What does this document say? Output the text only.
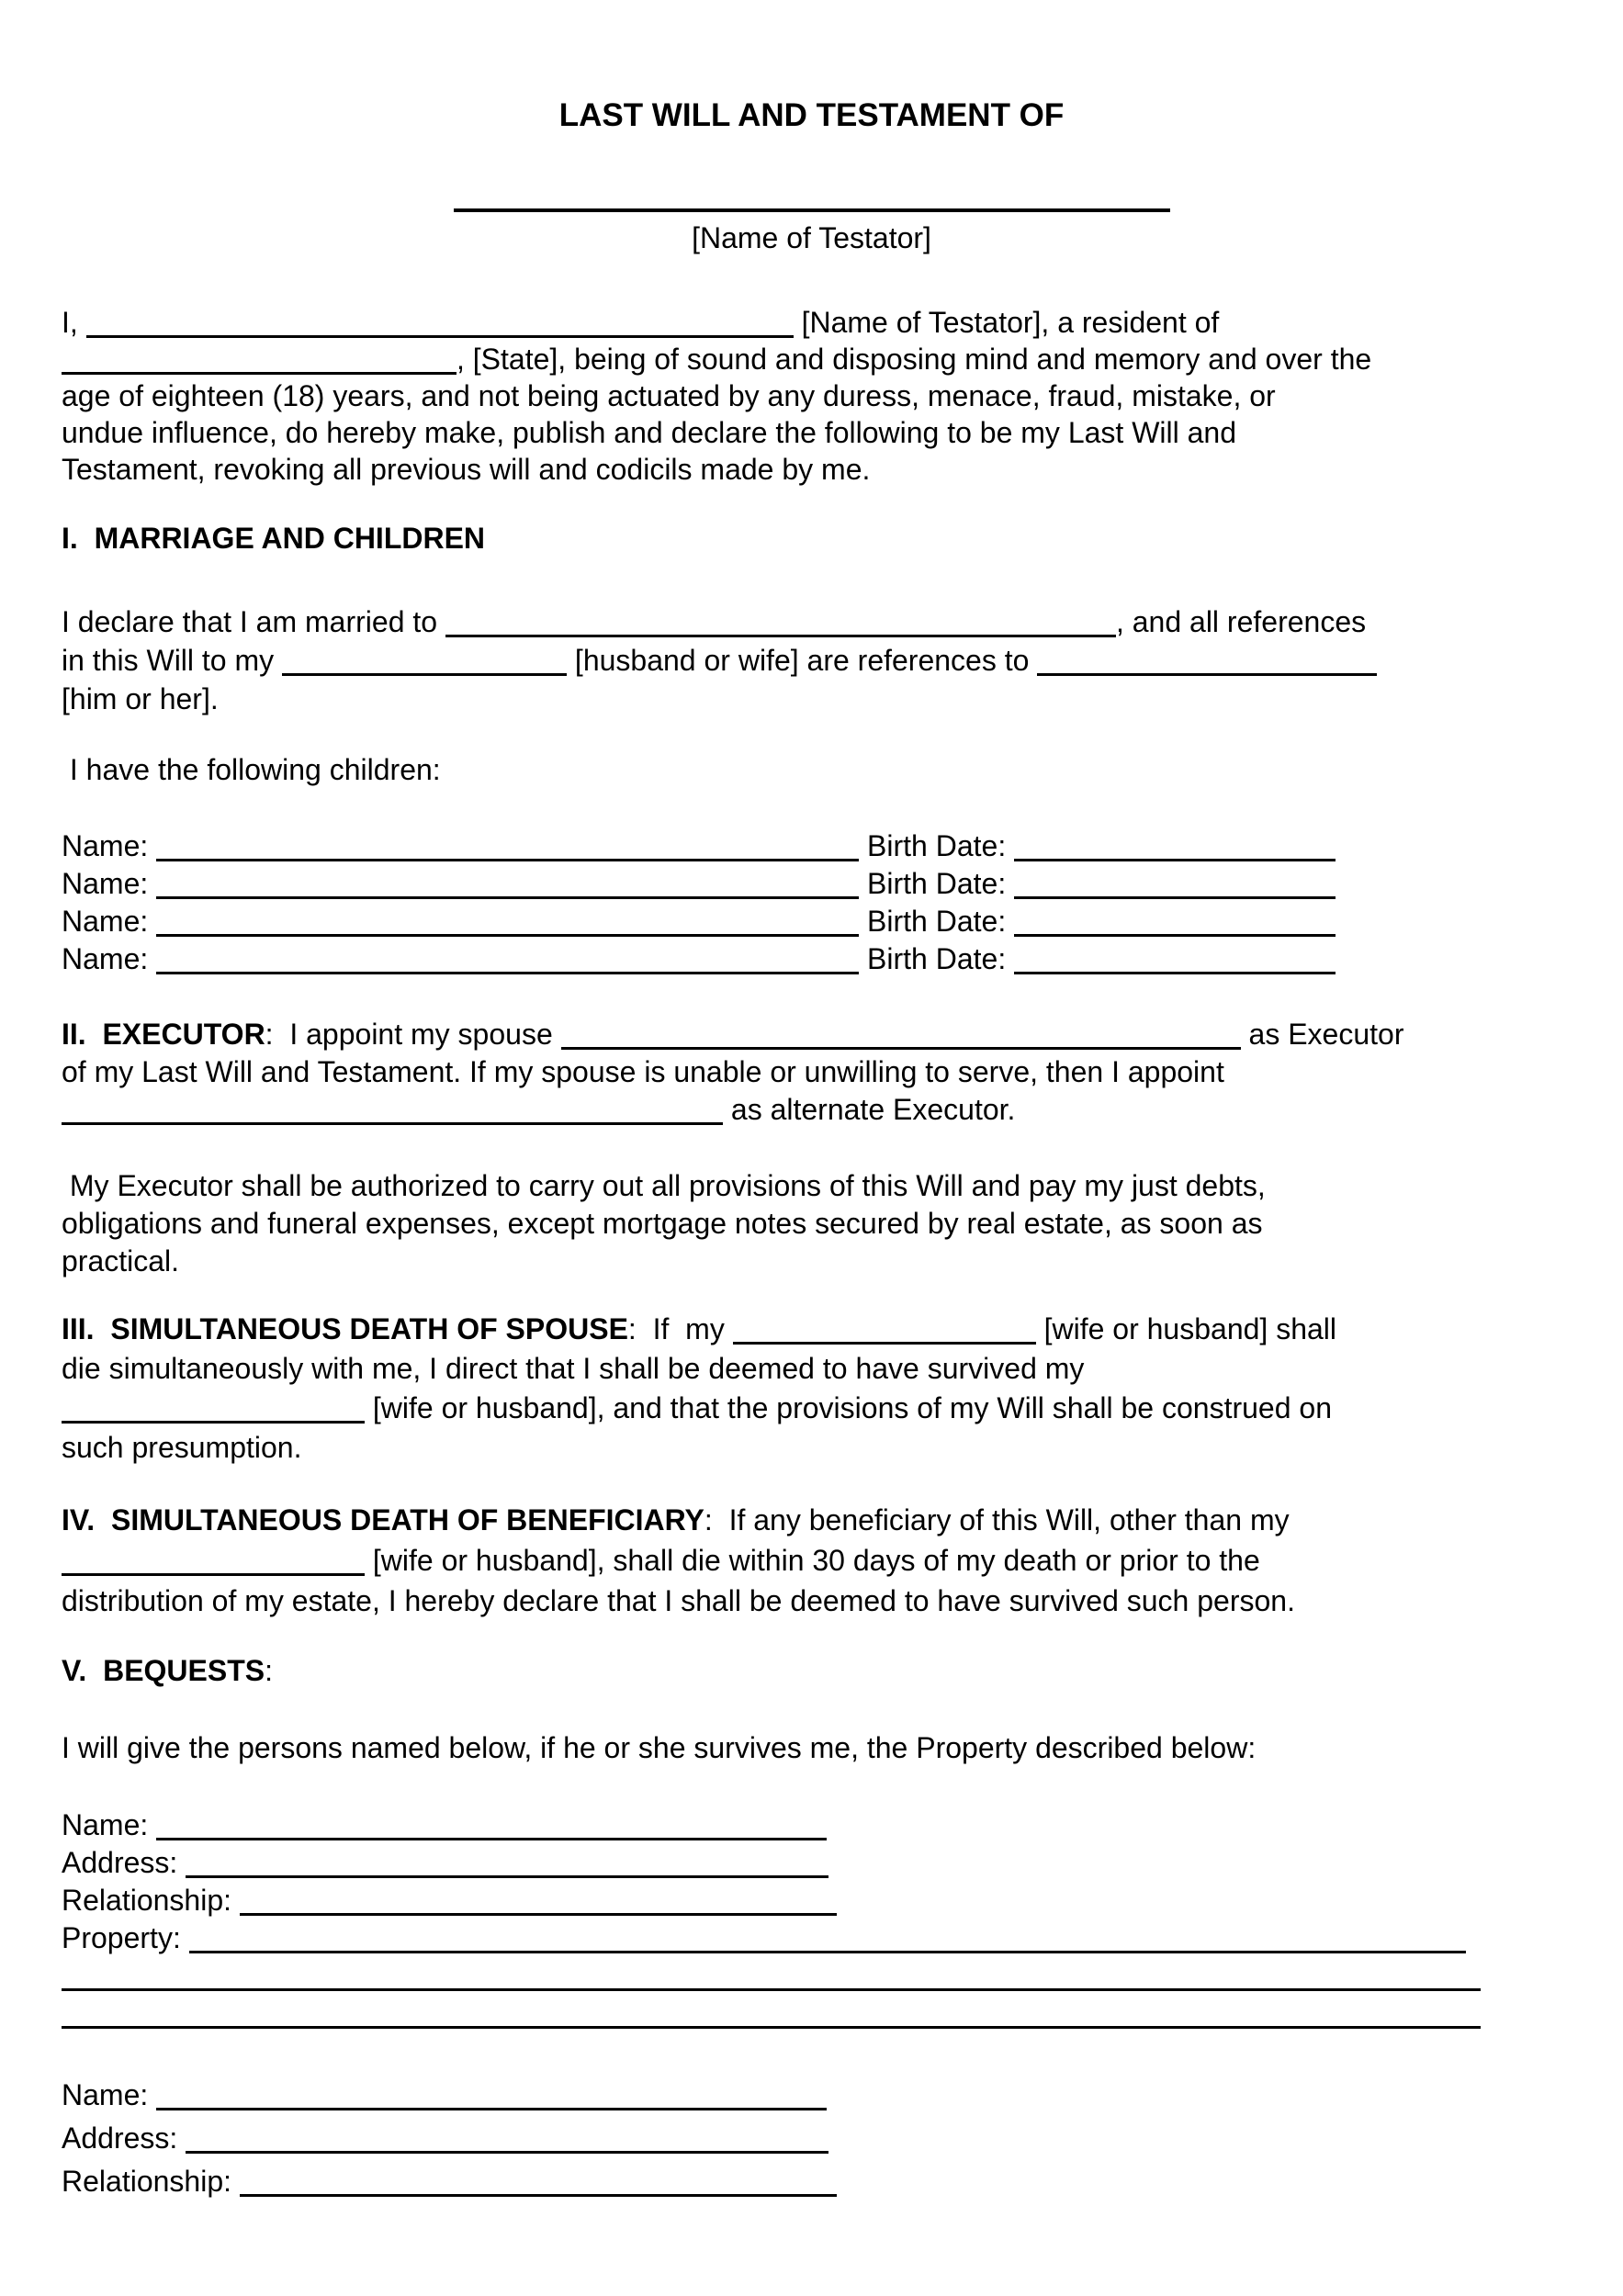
LAST WILL AND TESTAMENT OF
[Name of Testator]
I,	[Name of Testator], a resident of
, [State], being of sound and disposing mind and memory and over the
age of eighteen (18) years, and not being actuated by any duress, menace, fraud, mistake, or
undue influence, do hereby make, publish and declare the following to be my Last Will and
Testament, revoking all previous will and codicils made by me.
I.  MARRIAGE AND CHILDREN
I declare that I am married to	, and all references
in this Will to my	[husband or wife] are references to
[him or her].
I have the following children:
Name:	Birth Date:
Name:	Birth Date:
Name:	Birth Date:
Name:	Birth Date:
II.  EXECUTOR:  I appoint my spouse	as Executor
of my Last Will and Testament. If my spouse is unable or unwilling to serve, then I appoint
as alternate Executor.
My Executor shall be authorized to carry out all provisions of this Will and pay my just debts,
obligations and funeral expenses, except mortgage notes secured by real estate, as soon as
practical.
III.  SIMULTANEOUS DEATH OF SPOUSE:  If  my	[wife or husband] shall
die simultaneously with me, I direct that I shall be deemed to have survived my
[wife or husband], and that the provisions of my Will shall be construed on
such presumption.
IV.  SIMULTANEOUS DEATH OF BENEFICIARY:  If any beneficiary of this Will, other than my
[wife or husband], shall die within 30 days of my death or prior to the
distribution of my estate, I hereby declare that I shall be deemed to have survived such person.
V.  BEQUESTS:
I will give the persons named below, if he or she survives me, the Property described below:
Name:
Address:
Relationship:
Property:
Name:
Address:
Relationship:
